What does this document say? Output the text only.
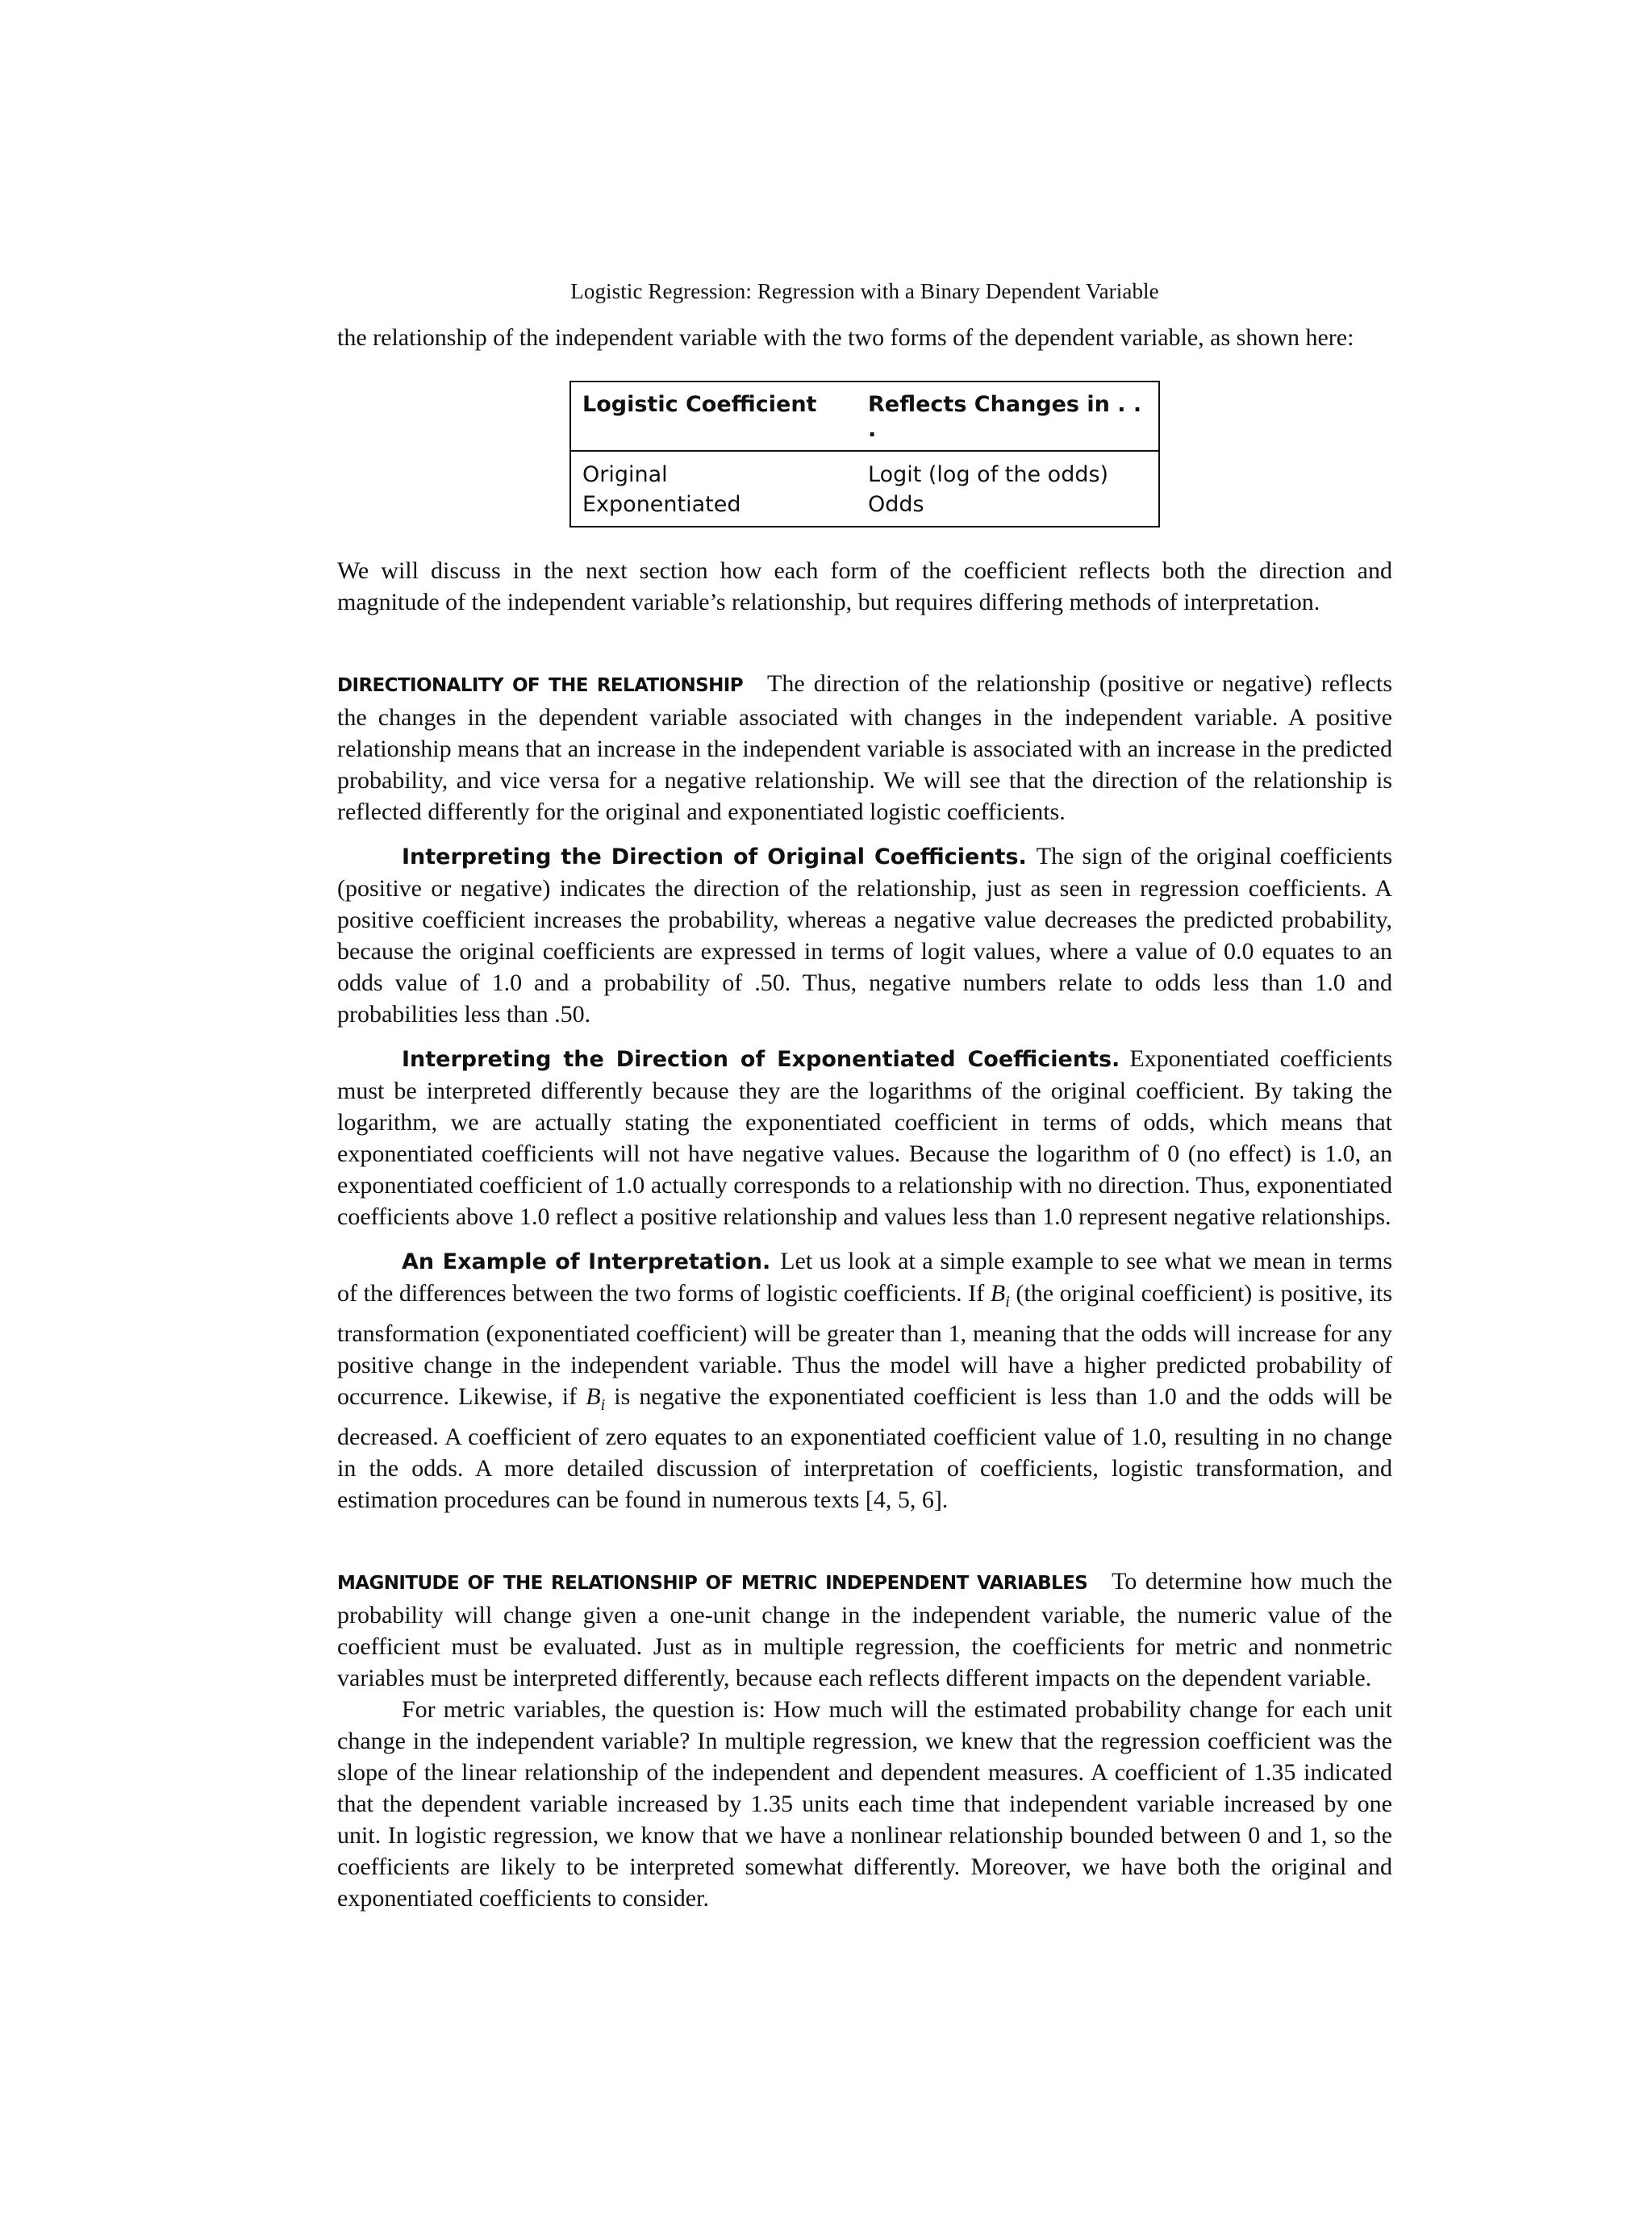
Logistic Regression: Regression with a Binary Dependent Variable

the relationship of the independent variable with the two forms of the dependent variable, as shown here:

Logistic Coefficient	Reflects Changes in . . .
Original	Logit (log of the odds)
Exponentiated	Odds

We will discuss in the next section how each form of the coefficient reflects both the direction and magnitude of the independent variable’s relationship, but requires differing methods of interpretation.

DIRECTIONALITY OF THE RELATIONSHIP The direction of the relationship (positive or negative) reflects the changes in the dependent variable associated with changes in the independent variable. A positive relationship means that an increase in the independent variable is associated with an increase in the predicted probability, and vice versa for a negative relationship. We will see that the direction of the relationship is reflected differently for the original and exponentiated logistic coefficients.

Interpreting the Direction of Original Coefficients. The sign of the original coefficients (positive or negative) indicates the direction of the relationship, just as seen in regression coefficients. A positive coefficient increases the probability, whereas a negative value decreases the predicted probability, because the original coefficients are expressed in terms of logit values, where a value of 0.0 equates to an odds value of 1.0 and a probability of .50. Thus, negative numbers relate to odds less than 1.0 and probabilities less than .50.

Interpreting the Direction of Exponentiated Coefficients. Exponentiated coefficients must be interpreted differently because they are the logarithms of the original coefficient. By taking the logarithm, we are actually stating the exponentiated coefficient in terms of odds, which means that exponentiated coefficients will not have negative values. Because the logarithm of 0 (no effect) is 1.0, an exponentiated coefficient of 1.0 actually corresponds to a relationship with no direction. Thus, exponentiated coefficients above 1.0 reflect a positive relationship and values less than 1.0 represent negative relationships.

An Example of Interpretation. Let us look at a simple example to see what we mean in terms of the differences between the two forms of logistic coefficients. If $B_i$ (the original coefficient) is positive, its transformation (exponentiated coefficient) will be greater than 1, meaning that the odds will increase for any positive change in the independent variable. Thus the model will have a higher predicted probability of occurrence. Likewise, if $B_i$ is negative the exponentiated coefficient is less than 1.0 and the odds will be decreased. A coefficient of zero equates to an exponentiated coefficient value of 1.0, resulting in no change in the odds. A more detailed discussion of interpretation of coefficients, logistic transformation, and estimation procedures can be found in numerous texts [4, 5, 6].

MAGNITUDE OF THE RELATIONSHIP OF METRIC INDEPENDENT VARIABLES To determine how much the probability will change given a one-unit change in the independent variable, the numeric value of the coefficient must be evaluated. Just as in multiple regression, the coefficients for metric and nonmetric variables must be interpreted differently, because each reflects different impacts on the dependent variable.

For metric variables, the question is: How much will the estimated probability change for each unit change in the independent variable? In multiple regression, we knew that the regression coefficient was the slope of the linear relationship of the independent and dependent measures. A coefficient of 1.35 indicated that the dependent variable increased by 1.35 units each time that independent variable increased by one unit. In logistic regression, we know that we have a nonlinear relationship bounded between 0 and 1, so the coefficients are likely to be interpreted somewhat differently. Moreover, we have both the original and exponentiated coefficients to consider.
